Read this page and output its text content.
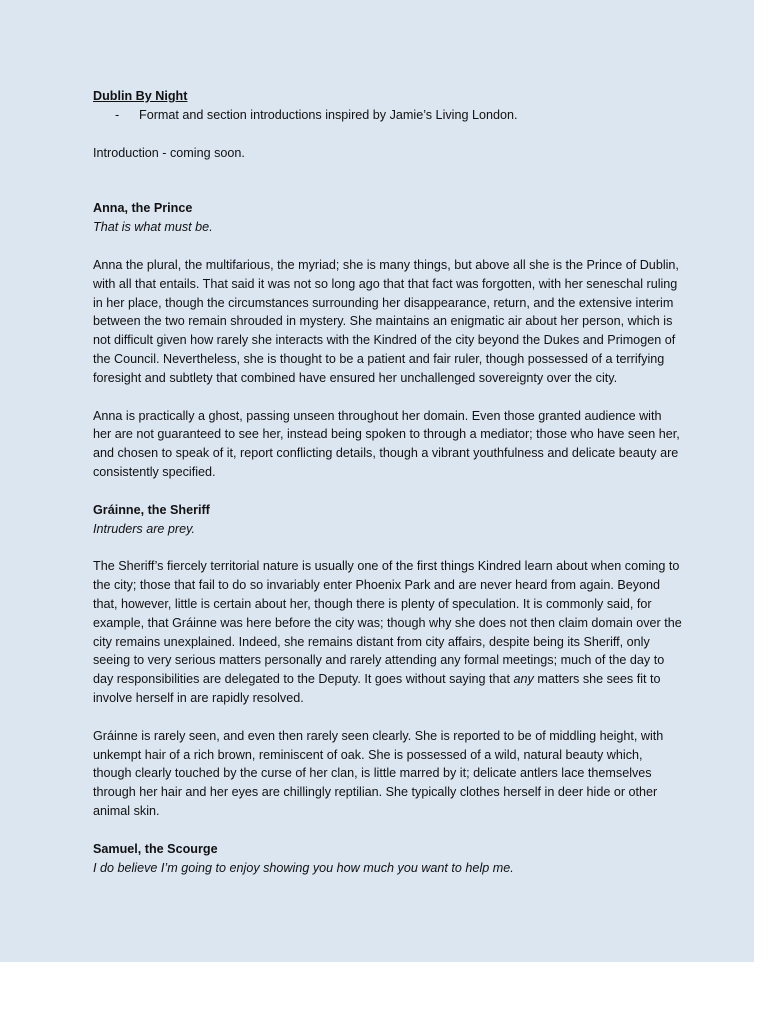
Dublin By Night

-	Format and section introductions inspired by Jamie’s Living London.

Introduction - coming soon.

Anna, the Prince

That is what must be.

Anna the plural, the multifarious, the myriad; she is many things, but above all she is the Prince of Dublin, with all that entails. That said it was not so long ago that that fact was forgotten, with her seneschal ruling in her place, though the circumstances surrounding her disappearance, return, and the extensive interim between the two remain shrouded in mystery. She maintains an enigmatic air about her person, which is not difficult given how rarely she interacts with the Kindred of the city beyond the Dukes and Primogen of the Council. Nevertheless, she is thought to be a patient and fair ruler, though possessed of a terrifying foresight and subtlety that combined have ensured her unchallenged sovereignty over the city.

Anna is practically a ghost, passing unseen throughout her domain. Even those granted audience with her are not guaranteed to see her, instead being spoken to through a mediator; those who have seen her, and chosen to speak of it, report conflicting details, though a vibrant youthfulness and delicate beauty are consistently specified.

Gráinne, the Sheriff

Intruders are prey.

The Sheriff’s fiercely territorial nature is usually one of the first things Kindred learn about when coming to the city; those that fail to do so invariably enter Phoenix Park and are never heard from again. Beyond that, however, little is certain about her, though there is plenty of speculation. It is commonly said, for example, that Gráinne was here before the city was; though why she does not then claim domain over the city remains unexplained. Indeed, she remains distant from city affairs, despite being its Sheriff, only seeing to very serious matters personally and rarely attending any formal meetings; much of the day to day responsibilities are delegated to the Deputy. It goes without saying that any matters she sees fit to involve herself in are rapidly resolved.

Gráinne is rarely seen, and even then rarely seen clearly. She is reported to be of middling height, with unkempt hair of a rich brown, reminiscent of oak. She is possessed of a wild, natural beauty which, though clearly touched by the curse of her clan, is little marred by it; delicate antlers lace themselves through her hair and her eyes are chillingly reptilian. She typically clothes herself in deer hide or other animal skin.

Samuel, the Scourge

I do believe I’m going to enjoy showing you how much you want to help me.
